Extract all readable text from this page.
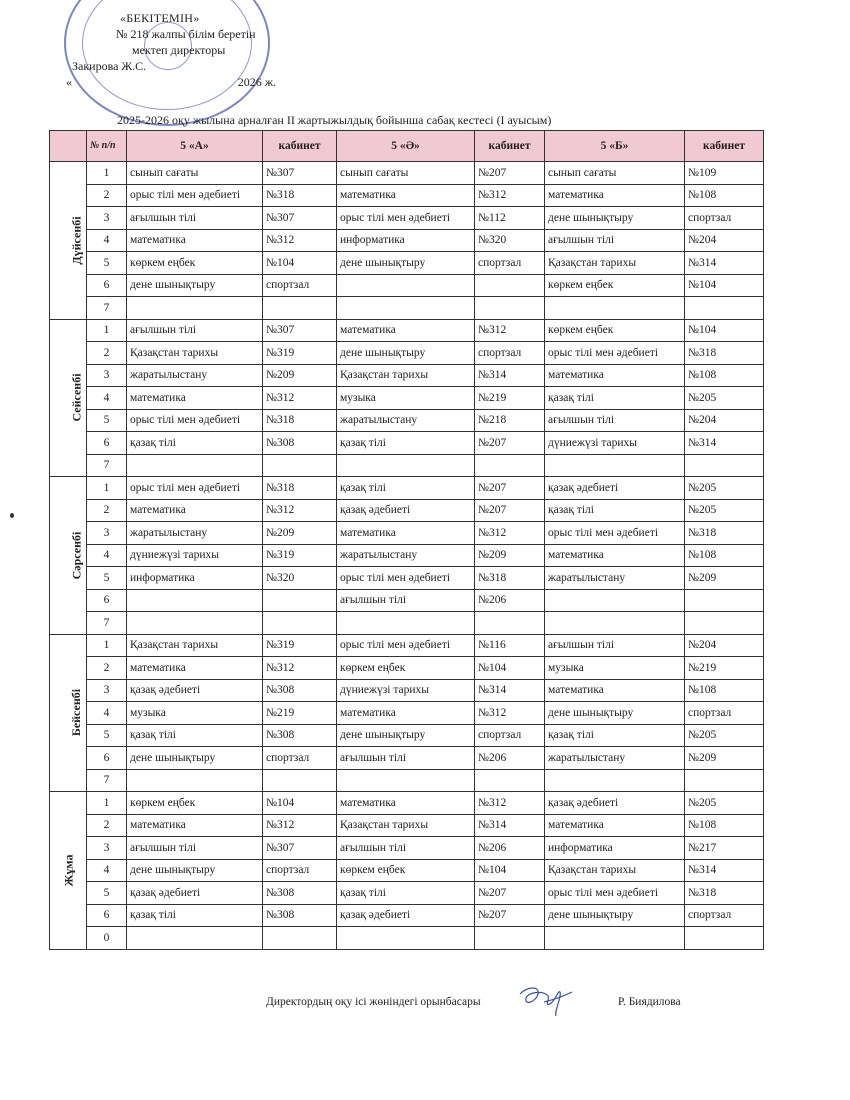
«БЕКІТЕМІН»
№ 218 жалпы білім беретін
мектеп директоры
Закирова Ж.С.
«	2026 ж.
2025-2026 оқу жылына арналған ІІ жартыжылдық бойынша сабақ кестесі (І ауысым)
	№ п/п	5 «А»	кабинет	5 «Ә»	кабинет	5 «Б»	кабинет
Дүйсенбі	1	сынып сағаты	№307	сынып сағаты	№207	сынып сағаты	№109
	2	орыс тілі мен әдебиеті	№318	математика	№312	математика	№108
	3	ағылшын тілі	№307	орыс тілі мен әдебиеті	№112	дене шынықтыру	спортзал
	4	математика	№312	информатика	№320	ағылшын тілі	№204
	5	көркем еңбек	№104	дене шынықтыру	спортзал	Қазақстан тарихы	№314
	6	дене шынықтыру	спортзал			көркем еңбек	№104
	7						
Сейсенбі	1	ағылшын тілі	№307	математика	№312	көркем еңбек	№104
	2	Қазақстан тарихы	№319	дене шынықтыру	спортзал	орыс тілі мен әдебиеті	№318
	3	жаратылыстану	№209	Қазақстан тарихы	№314	математика	№108
	4	математика	№312	музыка	№219	қазақ тілі	№205
	5	орыс тілі мен әдебиеті	№318	жаратылыстану	№218	ағылшын тілі	№204
	6	қазақ тілі	№308	қазақ тілі	№207	дүниежүзі тарихы	№314
	7						
Сәрсенбі	1	орыс тілі мен әдебиеті	№318	қазақ тілі	№207	қазақ әдебиеті	№205
	2	математика	№312	қазақ әдебиеті	№207	қазақ тілі	№205
	3	жаратылыстану	№209	математика	№312	орыс тілі мен әдебиеті	№318
	4	дүниежүзі тарихы	№319	жаратылыстану	№209	математика	№108
	5	информатика	№320	орыс тілі мен әдебиеті	№318	жаратылыстану	№209
	6			ағылшын тілі	№206		
	7						
Бейсенбі	1	Қазақстан тарихы	№319	орыс тілі мен әдебиеті	№116	ағылшын тілі	№204
	2	математика	№312	көркем еңбек	№104	музыка	№219
	3	қазақ әдебиеті	№308	дүниежүзі тарихы	№314	математика	№108
	4	музыка	№219	математика	№312	дене шынықтыру	спортзал
	5	қазақ тілі	№308	дене шынықтыру	спортзал	қазақ тілі	№205
	6	дене шынықтыру	спортзал	ағылшын тілі	№206	жаратылыстану	№209
	7						
Жұма	1	көркем еңбек	№104	математика	№312	қазақ әдебиеті	№205
	2	математика	№312	Қазақстан тарихы	№314	математика	№108
	3	ағылшын тілі	№307	ағылшын тілі	№206	информатика	№217
	4	дене шынықтыру	спортзал	көркем еңбек	№104	Қазақстан тарихы	№314
	5	қазақ әдебиеті	№308	қазақ тілі	№207	орыс тілі мен әдебиеті	№318
	6	қазақ тілі	№308	қазақ әдебиеті	№207	дене шынықтыру	спортзал
	0						
Директордың оқу ісі жөніндегі орынбасары	Р. Биядилова
